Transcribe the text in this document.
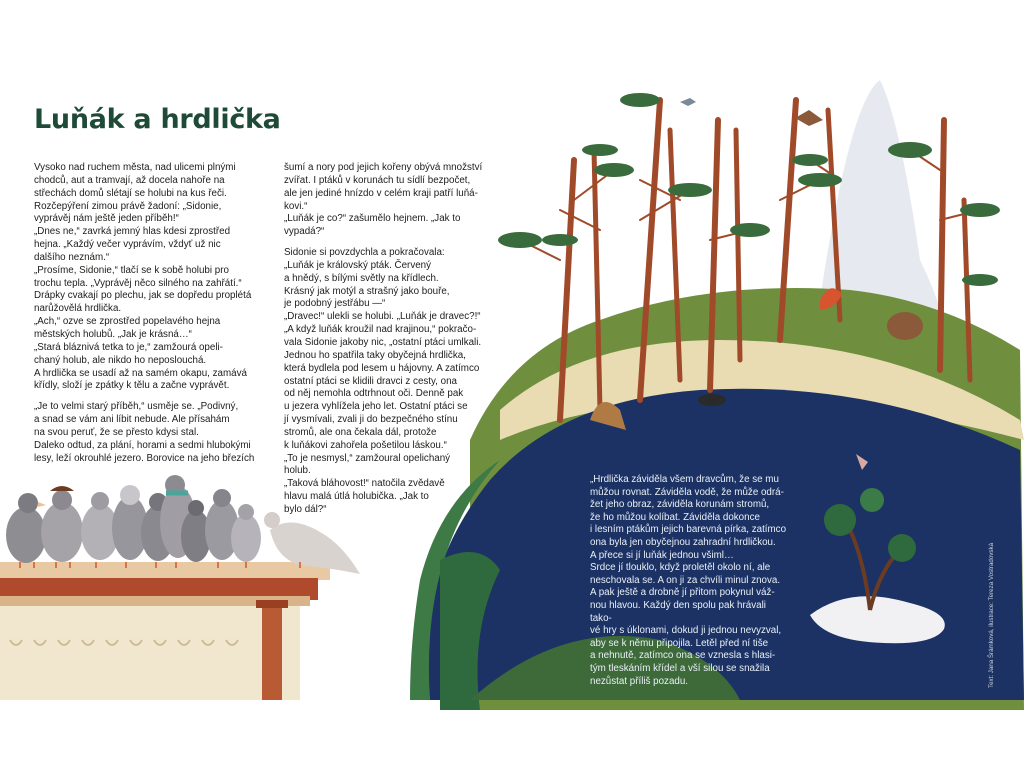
Luňák a hrdlička

Vysoko nad ruchem města, nad ulicemi plnými
chodců, aut a tramvají, až docela nahoře na
střechách domů slétají se holubi na kus řeči.
Rozčepýření zimou právě žadoní: „Sidonie,
vyprávěj nám ještě jeden příběh!“
„Dnes ne,“ zavrká jemný hlas kdesi zprostřed
hejna. „Každý večer vyprávím, vždyť už nic
dalšího neznám.“
„Prosíme, Sidonie,“ tlačí se k sobě holubi pro
trochu tepla. „Vyprávěj něco silného na zahřátí.“
Drápky cvakají po plechu, jak se dopředu proplétá
narůžovělá hrdlička.
„Ach,“ ozve se zprostřed popelavého hejna
městských holubů. „Jak je krásná…“
„Stará bláznivá tetka to je,“ zamžourá opeli-
chaný holub, ale nikdo ho neposlouchá.
A hrdlička se usadí až na samém okapu, zamává
křídly, složí je zpátky k tělu a začne vyprávět.

„Je to velmi starý příběh,“ usměje se. „Podivný,
a snad se vám ani líbit nebude. Ale přísahám
na svou peruť, že se přesto kdysi stal.
Daleko odtud, za plání, horami a sedmi hlubokými
lesy, leží okrouhlé jezero. Borovice na jeho březích

šumí a nory pod jejich kořeny obývá množství
zvířat. I ptáků v korunách tu sídlí bezpočet,
ale jen jediné hnízdo v celém kraji patří luňá-
kovi.“
„Luňák je co?“ zašumělo hejnem. „Jak to
vypadá?“

Sidonie si povzdychla a pokračovala:
„Luňák je královský pták. Červený
a hnědý, s bílými světly na křídlech.
Krásný jak motýl a strašný jako bouře,
je podobný jestřábu —“
„Dravec!“ ulekli se holubi. „Luňák je dravec?!“
„A když luňák kroužil nad krajinou,“ pokračo-
vala Sidonie jakoby nic, „ostatní ptáci umlkali.
Jednou ho spatřila taky obyčejná hrdlička,
která bydlela pod lesem u hájovny. A zatímco
ostatní ptáci se klidili dravci z cesty, ona
od něj nemohla odtrhnout oči. Denně pak
u jezera vyhlížela jeho let. Ostatní ptáci se
jí vysmívali, zvali ji do bezpečného stínu
stromů, ale ona čekala dál, protože
k luňákovi zahořela pošetilou láskou.“
„To je nesmysl,“ zamžoural opelichaný
holub.
„Taková bláhovost!“ natočila zvědavě
hlavu malá útlá holubička. „Jak to
bylo dál?“

„Hrdlička záviděla všem dravcům, že se mu
můžou rovnat. Záviděla vodě, že může odrá-
žet jeho obraz, záviděla korunám stromů,
že ho můžou kolíbat. Záviděla dokonce
i lesním ptákům jejich barevná pírka, zatímco
ona byla jen obyčejnou zahradní hrdličkou.
A přece si jí luňák jednou všiml…
Srdce jí tlouklo, když proletěl okolo ní, ale
neschovala se. A on ji za chvíli minul znova.
A pak ještě a drobně jí přitom pokynul váž-
nou hlavou. Každý den spolu pak hrávali tako-
vé hry s úklonami, dokud ji jednou nevyzval,
aby se k němu připojila. Letěl před ní tiše
a nehnutě, zatímco ona se vznesla s hlasi-
tým tleskáním křídel a vší silou se snažila
nezůstat příliš pozadu.	Text: Jana Šrámková, ilustrace: Tereza Vostradovská
